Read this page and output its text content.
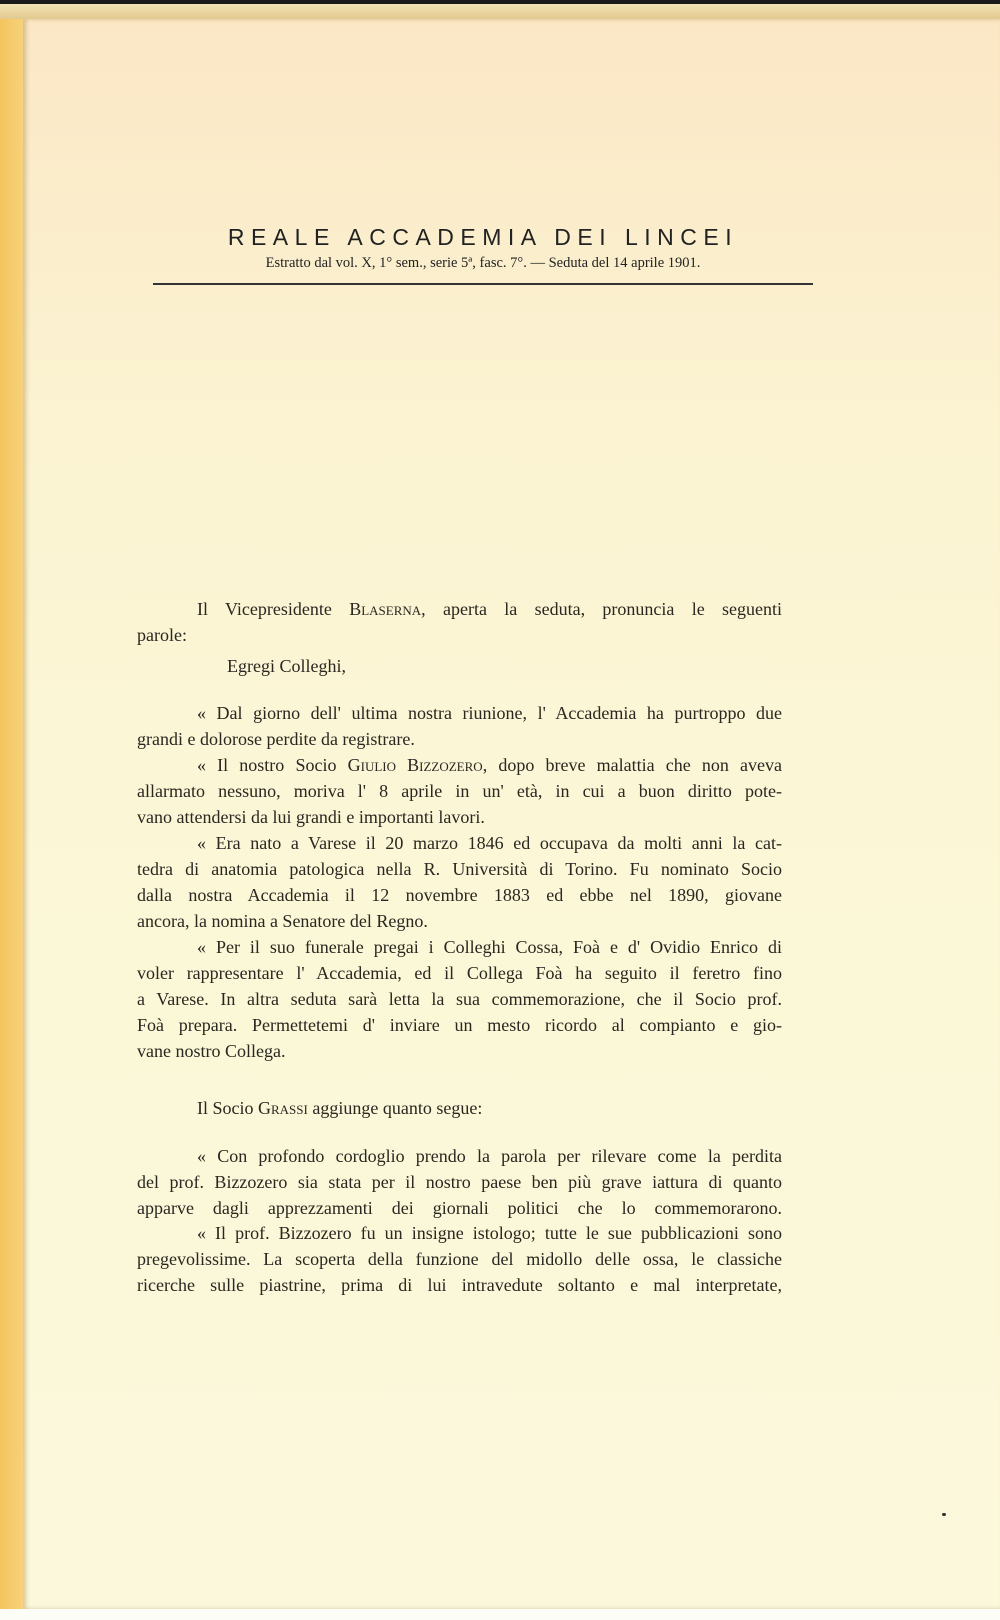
REALE ACCADEMIA DEI LINCEI
Estratto dal vol. X, 1° sem., serie 5ª, fasc. 7°. — Seduta del 14 aprile 1901.
Il Vicepresidente Blaserna, aperta la seduta, pronuncia le seguenti
parole:
Egregi Colleghi,
« Dal giorno dell' ultima nostra riunione, l' Accademia ha purtroppo due
grandi e dolorose perdite da registrare.
« Il nostro Socio Giulio Bizzozero, dopo breve malattia che non aveva
allarmato nessuno, moriva l' 8 aprile in un' età, in cui a buon diritto pote-
vano attendersi da lui grandi e importanti lavori.
« Era nato a Varese il 20 marzo 1846 ed occupava da molti anni la cat-
tedra di anatomia patologica nella R. Università di Torino. Fu nominato Socio
dalla nostra Accademia il 12 novembre 1883 ed ebbe nel 1890, giovane
ancora, la nomina a Senatore del Regno.
« Per il suo funerale pregai i Colleghi Cossa, Foà e d' Ovidio Enrico di
voler rappresentare l' Accademia, ed il Collega Foà ha seguito il feretro fino
a Varese. In altra seduta sarà letta la sua commemorazione, che il Socio prof.
Foà prepara. Permettetemi d' inviare un mesto ricordo al compianto e gio-
vane nostro Collega.
Il Socio Grassi aggiunge quanto segue:
« Con profondo cordoglio prendo la parola per rilevare come la perdita
del prof. Bizzozero sia stata per il nostro paese ben più grave iattura di quanto
apparve dagli apprezzamenti dei giornali politici che lo commemorarono.
« Il prof. Bizzozero fu un insigne istologo; tutte le sue pubblicazioni sono
pregevolissime. La scoperta della funzione del midollo delle ossa, le classiche
ricerche sulle piastrine, prima di lui intravedute soltanto e mal interpretate,
